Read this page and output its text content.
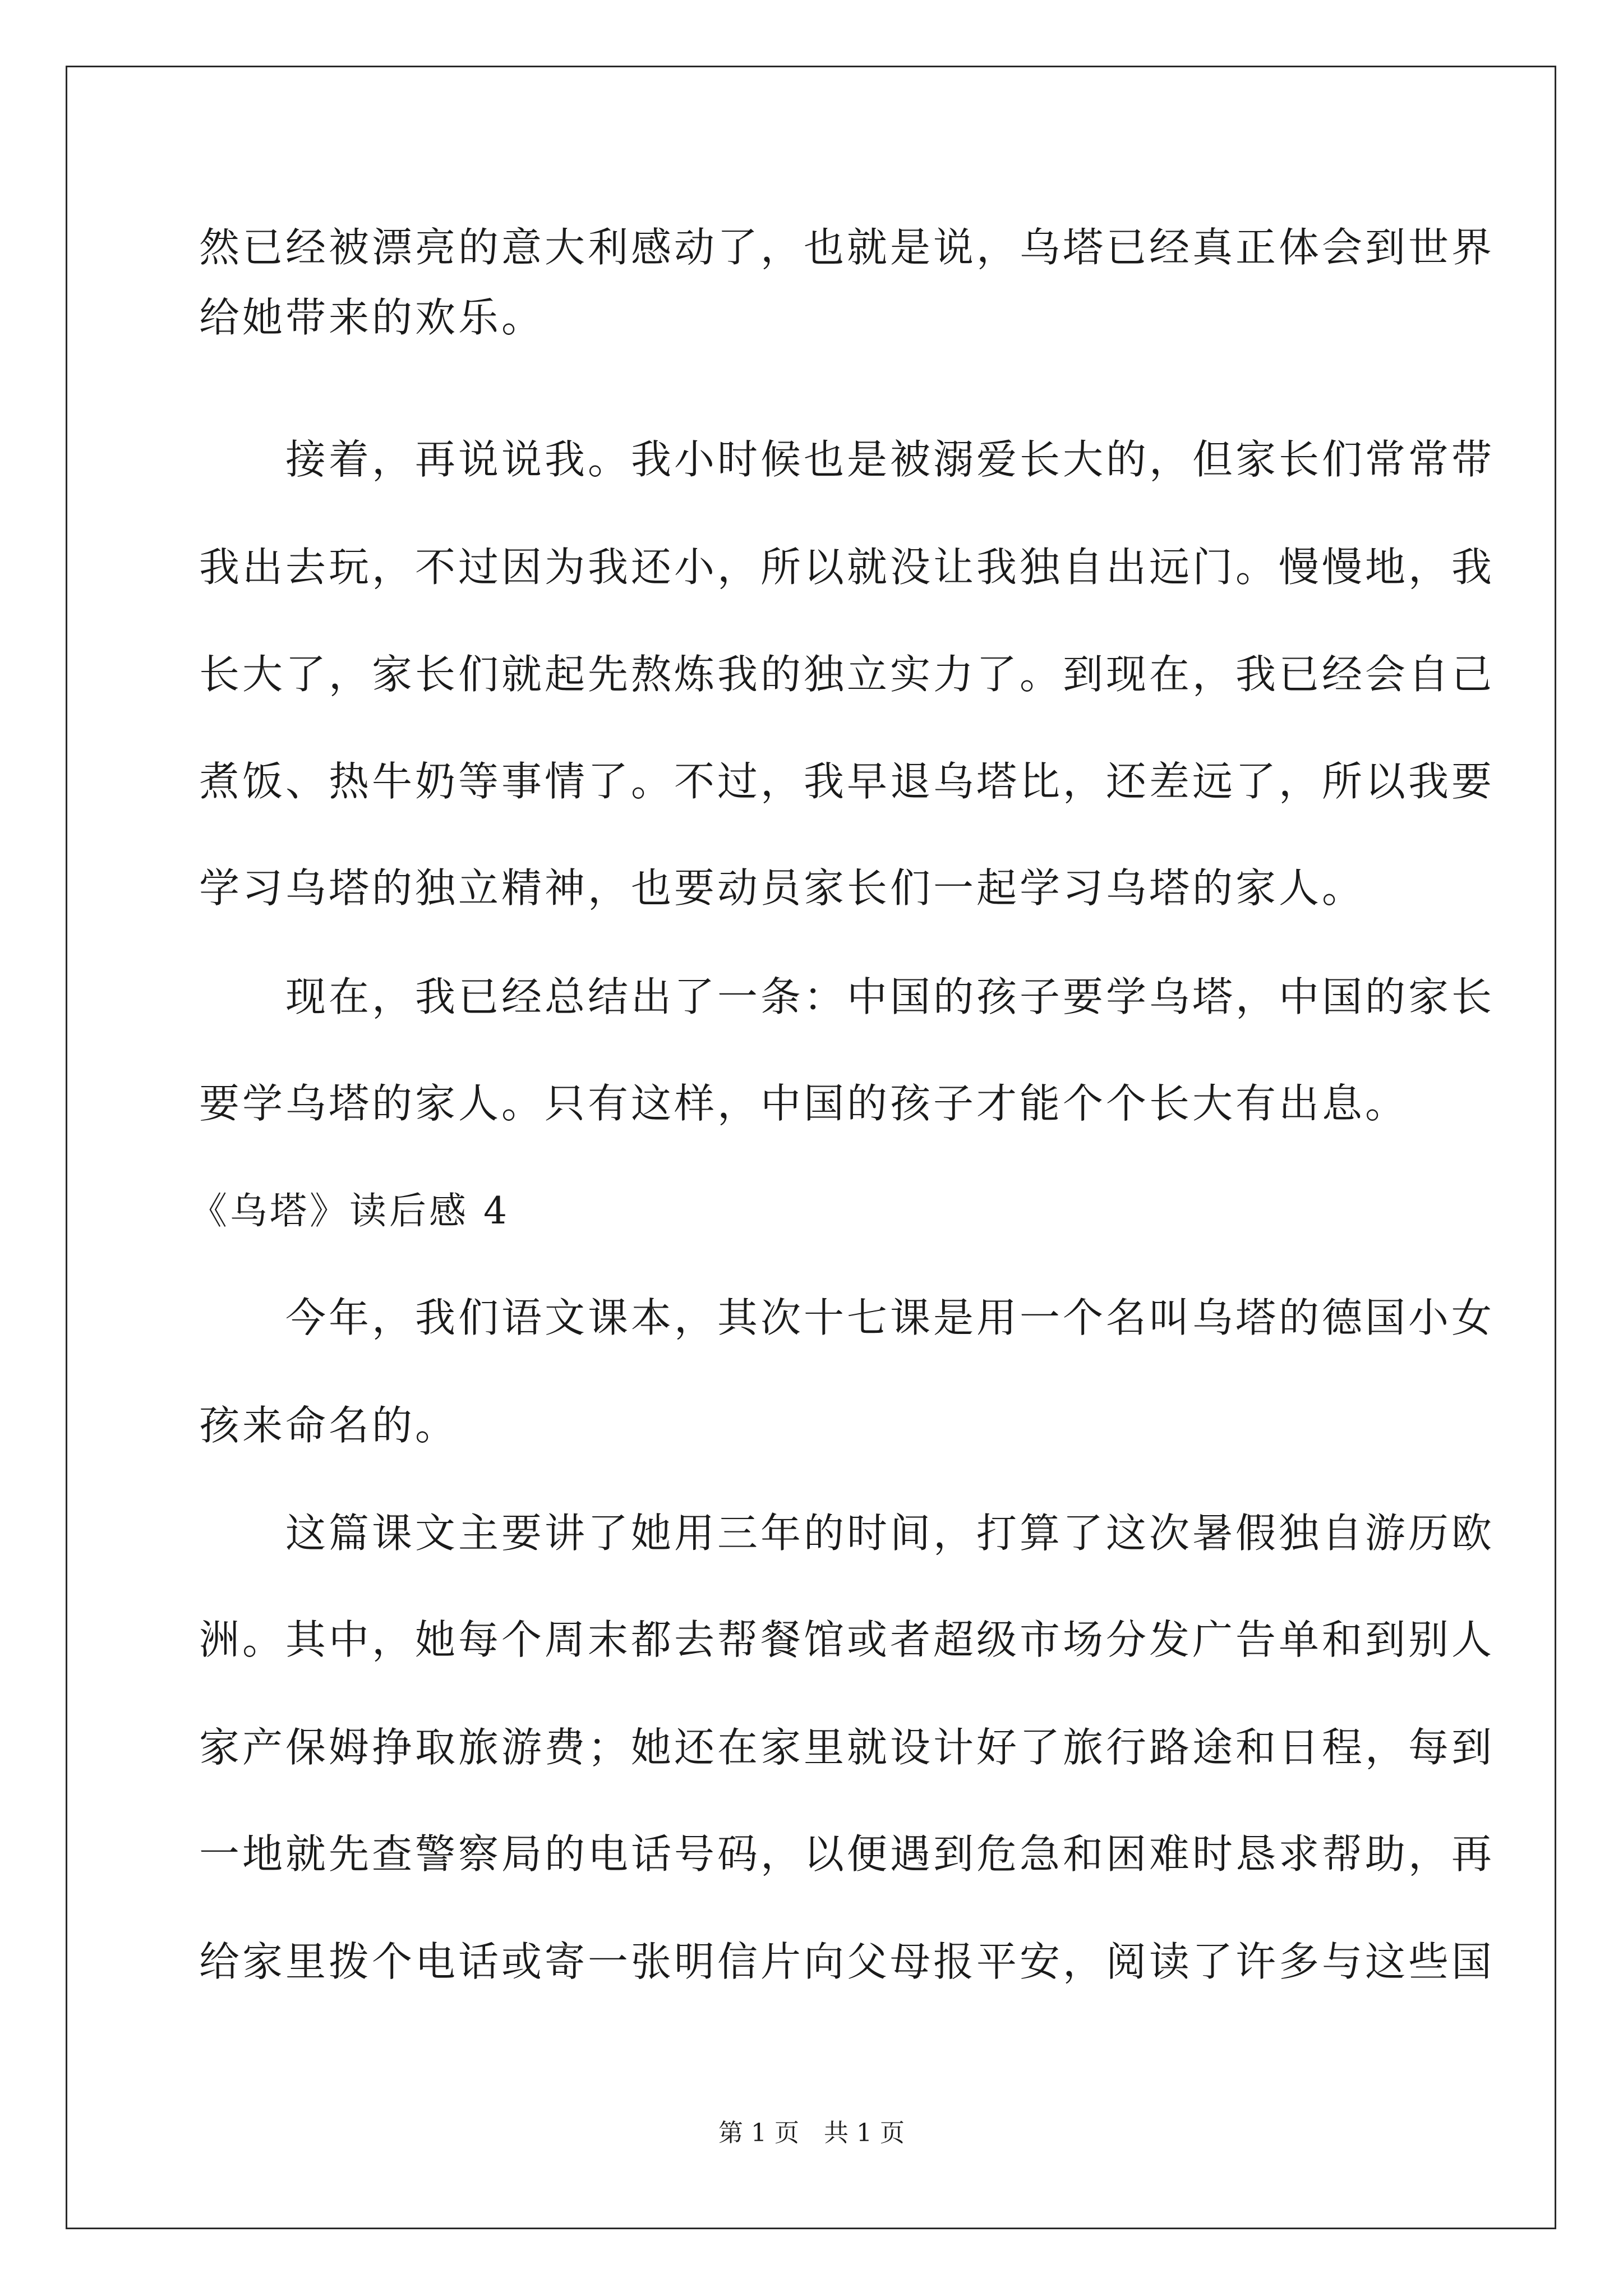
然已经被漂亮的意大利感动了，也就是说，乌塔已经真正体会到世界
给她带来的欢乐。
　　接着，再说说我。我小时候也是被溺爱长大的，但家长们常常带
我出去玩，不过因为我还小，所以就没让我独自出远门。慢慢地，我
长大了，家长们就起先熬炼我的独立实力了。到现在，我已经会自己
煮饭、热牛奶等事情了。不过，我早退乌塔比，还差远了，所以我要
学习乌塔的独立精神，也要动员家长们一起学习乌塔的家人。
　　现在，我已经总结出了一条：中国的孩子要学乌塔，中国的家长
要学乌塔的家人。只有这样，中国的孩子才能个个长大有出息。
《乌塔》读后感 4
　　今年，我们语文课本，其次十七课是用一个名叫乌塔的德国小女
孩来命名的。
　　这篇课文主要讲了她用三年的时间，打算了这次暑假独自游历欧
洲。其中，她每个周末都去帮餐馆或者超级市场分发广告单和到别人
家产保姆挣取旅游费；她还在家里就设计好了旅行路途和日程，每到
一地就先查警察局的电话号码，以便遇到危急和困难时恳求帮助，再
给家里拨个电话或寄一张明信片向父母报平安，阅读了许多与这些国
第 1 页　共 1 页
